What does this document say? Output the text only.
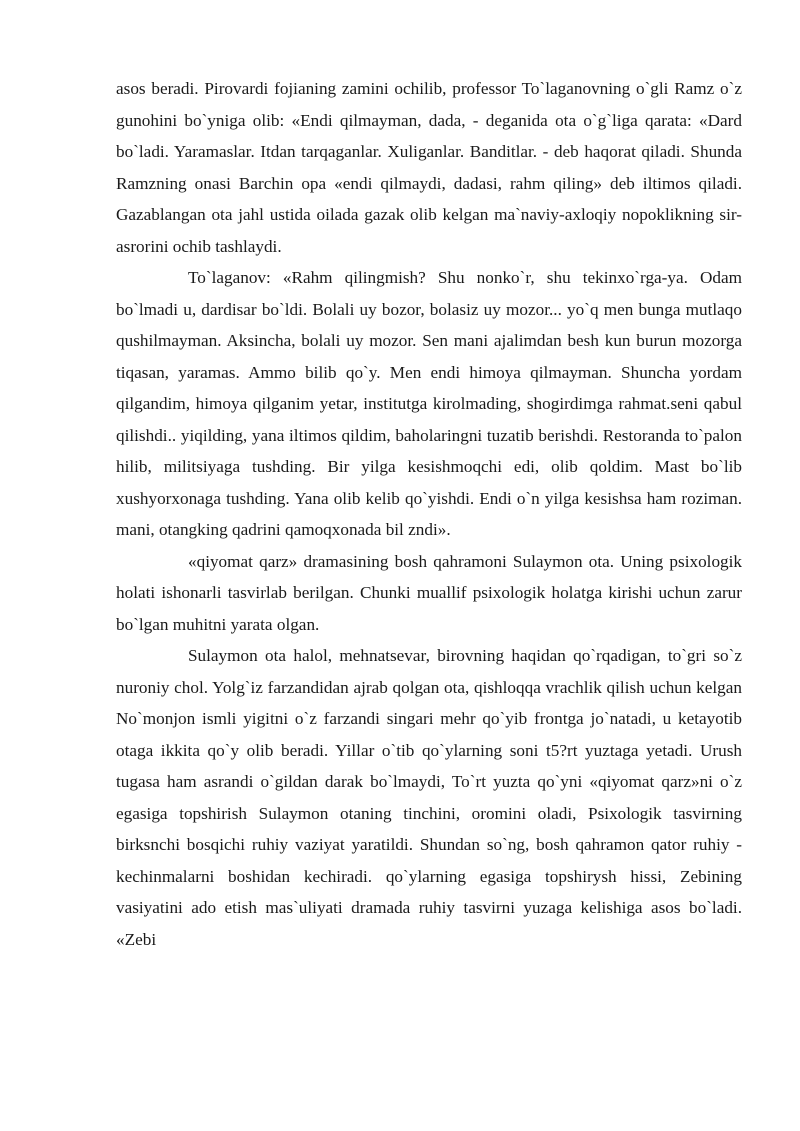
asos beradi. Pirovardi fojianing zamini ochilib, professor To`laganovning o`gli Ramz o`z gunohini bo`yniga olib: «Endi qilmayman, dada, - deganida ota o`g`liga qarata: «Dard bo`ladi. Yaramaslar. Itdan tarqaganlar. Xuliganlar. Banditlar. - deb haqorat qiladi. Shunda Ramzning onasi Barchin opa «endi qilmaydi, dadasi, rahm qiling» deb iltimos qiladi. Gazablangan ota jahl ustida oilada gazak olib kelgan ma`naviy-axloqiy nopoklikning sir-asrorini ochib tashlaydi.

To`laganov: «Rahm qilingmish? Shu nonko`r, shu tekinxo`rga-ya. Odam bo`lmadi u, dardisar bo`ldi. Bolali uy bozor, bolasiz uy mozor... yo`q men bunga mutlaqo qushilmayman. Aksincha, bolali uy mozor. Sen mani ajalimdan besh kun burun mozorga tiqasan, yaramas. Ammo bilib qo`y. Men endi himoya qilmayman. Shuncha yordam qilgandim, himoya qilganim yetar, institutga kirolmading, shogirdimga rahmat.seni qabul qilishdi.. yiqilding, yana iltimos qildim, baholaringni tuzatib berishdi. Restoranda to`palon hilib, militsiyaga tushding. Bir yilga kesishmoqchi edi, olib qoldim. Mast bo`lib xushyorxonaga tushding. Yana olib kelib qo`yishdi. Endi o`n yilga kesishsa ham roziman. mani, otangking qadrini qamoqxonada bil zndi».

«qiyomat qarz» dramasining bosh qahramoni Sulaymon ota. Uning psixologik holati ishonarli tasvirlab berilgan. Chunki muallif psixologik holatga kirishi uchun zarur bo`lgan muhitni yarata olgan.

Sulaymon ota halol, mehnatsevar, birovning haqidan qo`rqadigan, to`gri so`z nuroniy chol. Yolg`iz farzandidan ajrab qolgan ota, qishloqqa vrachlik qilish uchun kelgan No`monjon ismli yigitni o`z farzandi singari mehr qo`yib frontga jo`natadi, u ketayotib otaga ikkita qo`y olib beradi. Yillar o`tib qo`ylarning soni t5?rt yuztaga yetadi. Urush tugasa ham asrandi o`gildan darak bo`lmaydi, To`rt yuzta qo`yni «qiyomat qarz»ni o`z egasiga topshirish Sulaymon otaning tinchini, oromini oladi, Psixologik tasvirning birksnchi bosqichi ruhiy vaziyat yaratildi. Shundan so`ng, bosh qahramon qator ruhiy -kechinmalarni boshidan kechiradi. qo`ylarning egasiga topshirysh hissi, Zebining vasiyatini ado etish mas`uliyati dramada ruhiy tasvirni yuzaga kelishiga asos bo`ladi. «Zebi
